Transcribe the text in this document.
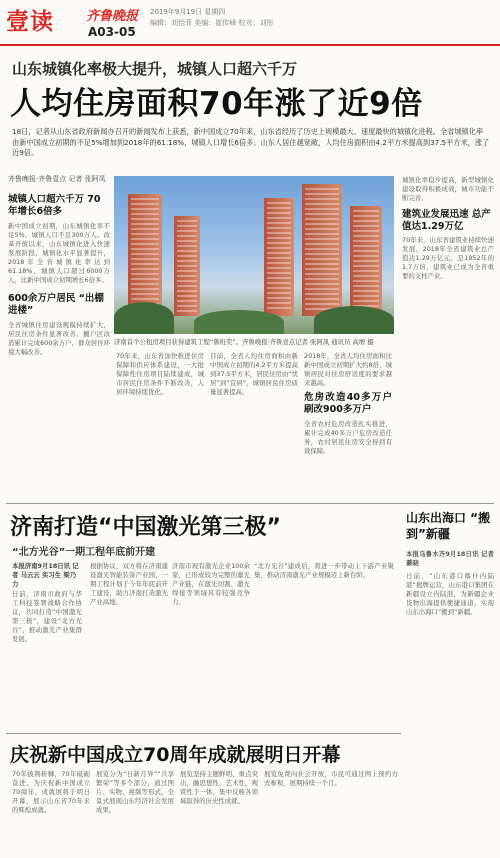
壹读 齐鲁晚报
A03-05
2019年9月19日 星期四
编辑：刘怡菲 美编：崔传峰 校对：刘彤
山东城镇化率极大提升，城镇人口超六千万
人均住房面积70年涨了近9倍
18日，记者从山东省政府新闻办召开的新闻发布上获悉，新中国成立70年来，山东省经历了历史上规模最大、速度最快的城镇化进程。全省城镇化率由新中国成立初期的不足5%增加到2018年的61.18%，城镇人口增长6倍多。山东人居住越宽敞，人均住房面积由4.2平方米提高到37.5平方米，涨了近9倍。
齐鲁晚报·齐鲁壹点 记者 张阿凤
城镇人口超六千万 70年增长6倍多
新中国成立初期，山东城镇化率不足5%，城镇人口不足300万人。改革开放以来，山东城镇化进入快速发展阶段，城镇化水平显著提升，2018年全省城镇化率达到61.18%，城镇人口超过6000万人，比新中国成立初期增长6倍多。
600余万户居民 “出棚进楼”
全省城镇住房建设规模持续扩大，居民住房条件显著改善。棚户区改造累计完成600余万户，群众居住环境大幅改善。
济南首个公租房项目获得建筑工程“鲁班奖”。齐鲁晚报·齐鲁壹点记者 张阿凤 通讯员 高增 摄
70年来，山东省加快推进住房保障和供应体系建设，一大批保障性住房项目陆续建成，城市居民住房条件不断改善，人居环境持续优化。
目前，全省人均住房面积由新中国成立初期的4.2平方米提高到37.5平方米，居民住房由“忧居”到“宜居”，城镇居民住房质量显著提高。
2018年，全省人均住房面积比新中国成立初期扩大约8倍，城镇居民对住房舒适度的要求越来越高。
危房改造40多万户 刷改900多万户
全省农村危房改造扎实推进，累计完成40多万户危房改造任务，农村居民住房安全得到有效保障。
城镇化率稳步提高，新型城镇化建设取得积极成效，城市功能不断完善。
建筑业发展迅速 总产值达1.29万亿
70年来，山东省建筑业持续快速发展，2018年全省建筑业总产值达1.29万亿元，是1952年的1.7万倍，建筑业已成为全省重要的支柱产业。
济南打造“中国激光第三极”
“北方光谷”一期工程年底前开建
本报济南9月18日讯 记者 马云云 实习生 梁乃力
日前，济南市政府与华工科技签署战略合作协议，共同打造“中国激光第三极”，建设“北方光谷”，推动激光产业集群发展。
根据协议，双方将在济南建设激光智能装备产业园，一期工程计划于今年年底前开工建设，助力济南打造激光产业高地。
济南市现有激光企业100余家，已形成较为完整的激光产业链，在激光切割、激光焊接等领域具有较强竞争力。
“北方光谷”建成后，将进一步带动上下游产业聚集，推动济南激光产业规模迈上新台阶。
山东出海口 “搬到”新疆
本报乌鲁木齐9月18日讯 记者 綦晓
日前，“山东港口喀什内陆港”揭牌运营，山东港口集团在新疆设立内陆港，为新疆企业货物出海提供便捷通道，实现山东出海口“搬到”新疆。
庆祝新中国成立70周年成就展明日开幕
70年披荆斩棘，70年砥砺奋进。为庆祝新中国成立70周年，成就展将于明日开幕，展示山东省70年来的辉煌成就。
展览分为“日新月异”“共享繁荣”等多个部分，通过图片、实物、视频等形式，全景式展现山东经济社会发展成果。
展览坚持主题鲜明、重点突出，融思想性、艺术性、观赏性于一体，集中反映各领域取得的历史性成就。
展览免费向社会开放，市民可通过网上预约方式参观，展期持续一个月。
